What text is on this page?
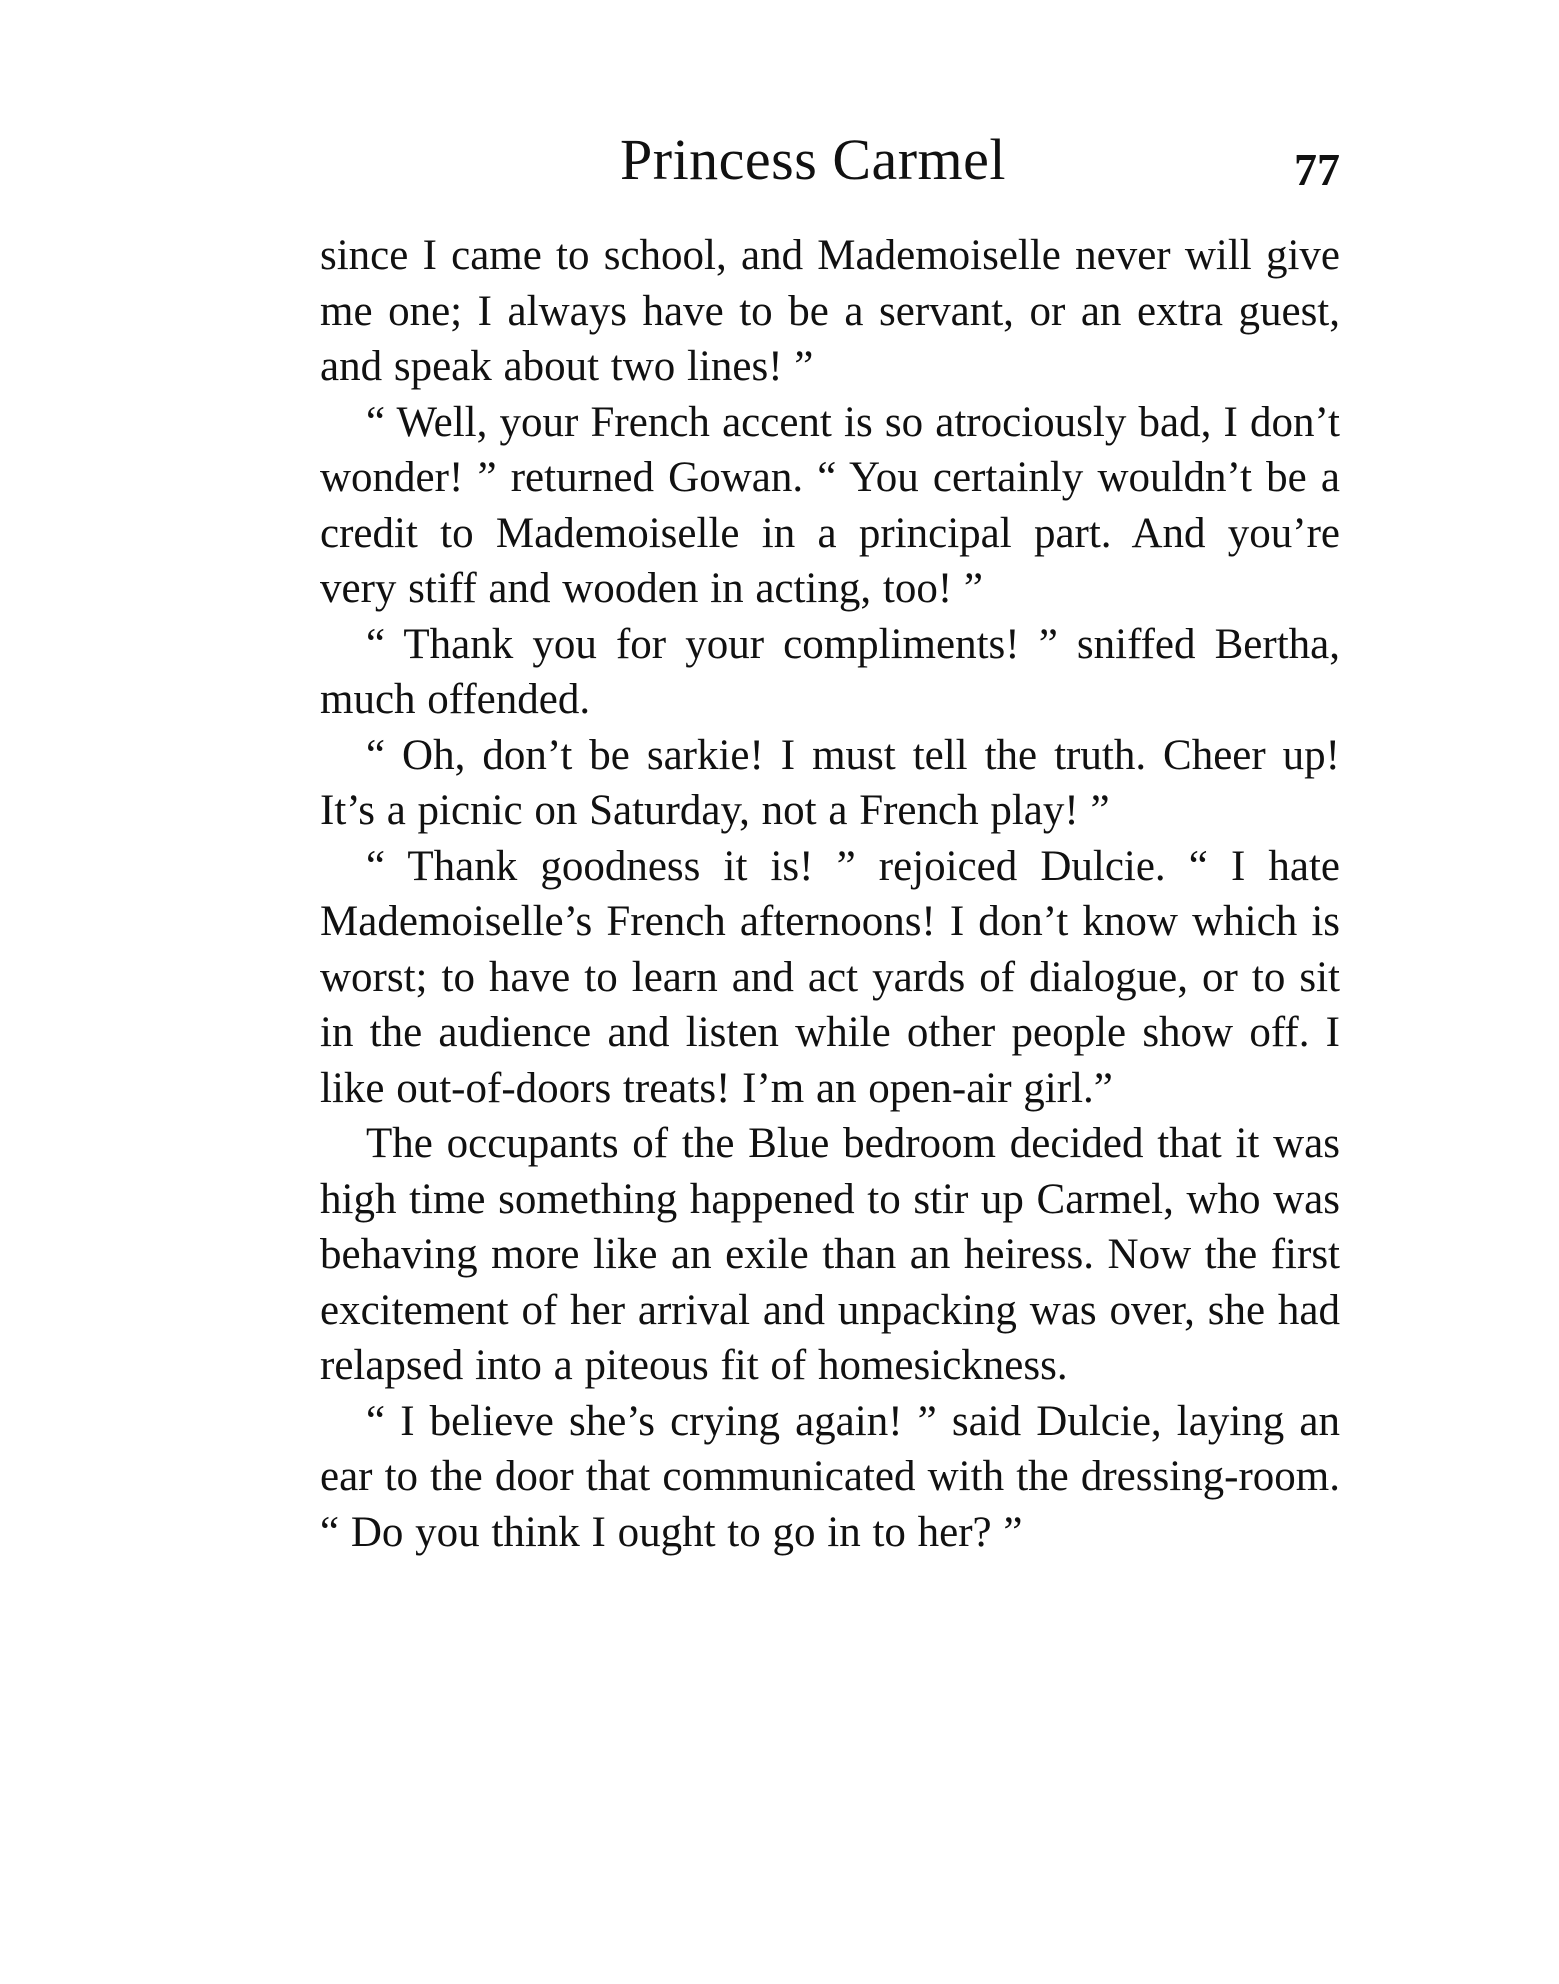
Princess Carmel	77

since I came to school, and Mademoiselle never will give me one; I always have to be a servant, or an extra guest, and speak about two lines! ”

“ Well, your French accent is so atrociously bad, I don’t wonder! ” returned Gowan. “ You certainly wouldn’t be a credit to Mademoiselle in a principal part. And you’re very stiff and wooden in acting, too! ”

“ Thank you for your compliments! ” sniffed Bertha, much offended.

“ Oh, don’t be sarkie! I must tell the truth. Cheer up! It’s a picnic on Saturday, not a French play! ”

“ Thank goodness it is! ” rejoiced Dulcie. “ I hate Mademoiselle’s French afternoons! I don’t know which is worst; to have to learn and act yards of dialogue, or to sit in the audience and listen while other people show off. I like out-of-doors treats! I’m an open-air girl.”

The occupants of the Blue bedroom decided that it was high time something happened to stir up Carmel, who was behaving more like an exile than an heiress. Now the first excitement of her arrival and unpacking was over, she had relapsed into a piteous fit of homesickness.

“ I believe she’s crying again! ” said Dulcie, laying an ear to the door that communicated with the dressing-room. “ Do you think I ought to go in to her? ”
